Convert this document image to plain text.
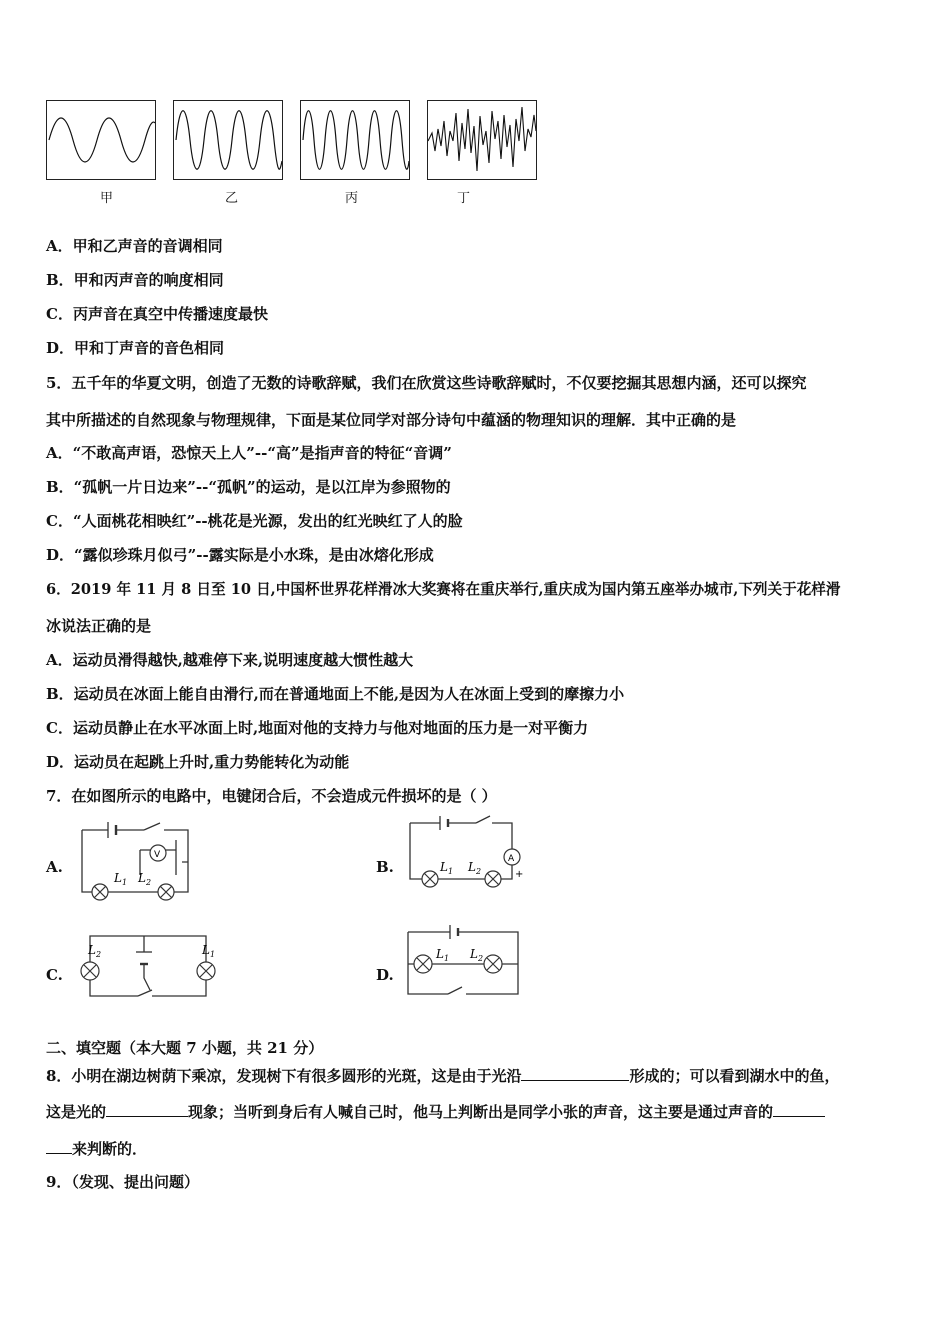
甲	乙	丙	丁
A．甲和乙声音的音调相同
B．甲和丙声音的响度相同
C．丙声音在真空中传播速度最快
D．甲和丁声音的音色相同
5．五千年的华夏文明，创造了无数的诗歌辞赋，我们在欣赏这些诗歌辞赋时，不仅要挖掘其思想内涵，还可以探究
其中所描述的自然现象与物理规律，下面是某位同学对部分诗句中蕴涵的物理知识的理解．其中正确的是
A．“不敢高声语，恐惊天上人”--“高”是指声音的特征“音调”
B．“孤帆一片日边来”--“孤帆”的运动，是以江岸为参照物的
C．“人面桃花相映红”--桃花是光源，发出的红光映红了人的脸
D．“露似珍珠月似弓”--露实际是小水珠，是由冰熔化形成
6．2019 年 11 月 8 日至 10 日,中国杯世界花样滑冰大奖赛将在重庆举行,重庆成为国内第五座举办城市,下列关于花样滑
冰说法正确的是
A．运动员滑得越快,越难停下来,说明速度越大惯性越大
B．运动员在冰面上能自由滑行,而在普通地面上不能,是因为人在冰面上受到的摩擦力小
C．运动员静止在水平冰面上时,地面对他的支持力与他对地面的压力是一对平衡力
D．运动员在起跳上升时,重力势能转化为动能
7．在如图所示的电路中，电键闭合后，不会造成元件损坏的是（ ）
A.
V
$L_1$ $L_2$
B.	A
+
$L_1$ $L_2$
C.
$L_2$	$L_1$
D.
$L_1$ $L_2$
二、填空题（本大题 7 小题，共 21 分）
8．小明在湖边树荫下乘凉，发现树下有很多圆形的光斑，这是由于光沿	形成的；可以看到湖水中的鱼，
这是光的	现象；当听到身后有人喊自己时，他马上判断出是同学小张的声音，这主要是通过声音的
来判断的．
9．（发现、提出问题）
